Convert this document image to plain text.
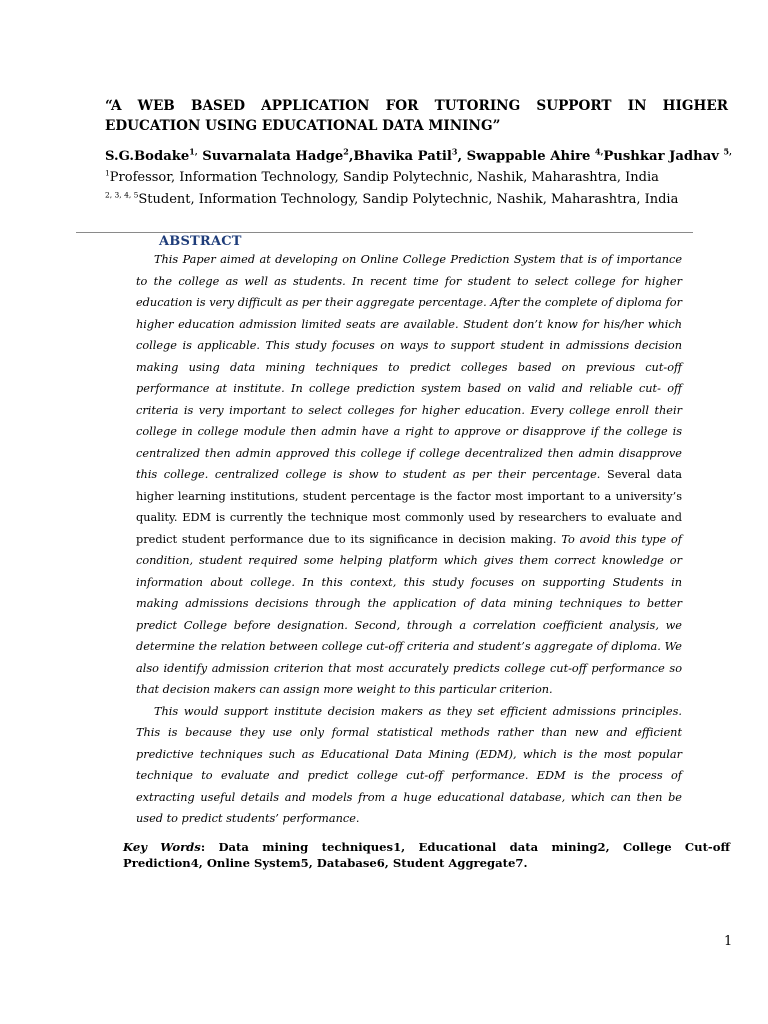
“A WEB BASED APPLICATION FOR TUTORING SUPPORT IN HIGHER EDUCATION USING EDUCATIONAL DATA MINING”
S.G.Bodake$^{1,}$ Suvarnalata Hadge$^2$,Bhavika Patil$^3$, Swappable Ahire $^{4,}$Pushkar Jadhav $^{5,}$
$^1$Professor, Information Technology, Sandip Polytechnic, Nashik, Maharashtra, India
$^{2, 3, 4, 5}$Student, Information Technology, Sandip Polytechnic, Nashik, Maharashtra, India
ABSTRACT

This Paper aimed at developing on Online College Prediction System that is of importance to the college as well as students. In recent time for student to select college for higher education is very difficult as per their aggregate percentage. After the complete of diploma for higher education admission limited seats are available. Student don’t know for his/her which college is applicable. This study focuses on ways to support student in admissions decision making using data mining techniques to predict colleges based on previous cut-off performance at institute. In college prediction system based on valid and reliable cut- off criteria is very important to select colleges for higher education. Every college enroll their college in college module then admin have a right to approve or disapprove if the college is centralized then admin approved this college if college decentralized then admin disapprove this college. centralized college is show to student as per their percentage. Several data higher learning institutions, student percentage is the factor most important to a university’s quality. EDM is currently the technique most commonly used by researchers to evaluate and predict student performance due to its significance in decision making. To avoid this type of condition, student required some helping platform which gives them correct knowledge or information about college. In this context, this study focuses on supporting Students in making admissions decisions through the application of data mining techniques to better predict College before designation. Second, through a correlation coefficient analysis, we determine the relation between college cut-off criteria and student’s aggregate of diploma. We also identify admission criterion that most accurately predicts college cut-off performance so that decision makers can assign more weight to this particular criterion.

This would support institute decision makers as they set efficient admissions principles. This is because they use only formal statistical methods rather than new and efficient predictive techniques such as Educational Data Mining (EDM), which is the most popular technique to evaluate and predict college cut-off performance. EDM is the process of extracting useful details and models from a huge educational database, which can then be used to predict students’ performance.

Key Words: Data mining techniques1, Educational data mining2, College Cut-off Prediction4, Online System5, Database6, Student Aggregate7.
1
